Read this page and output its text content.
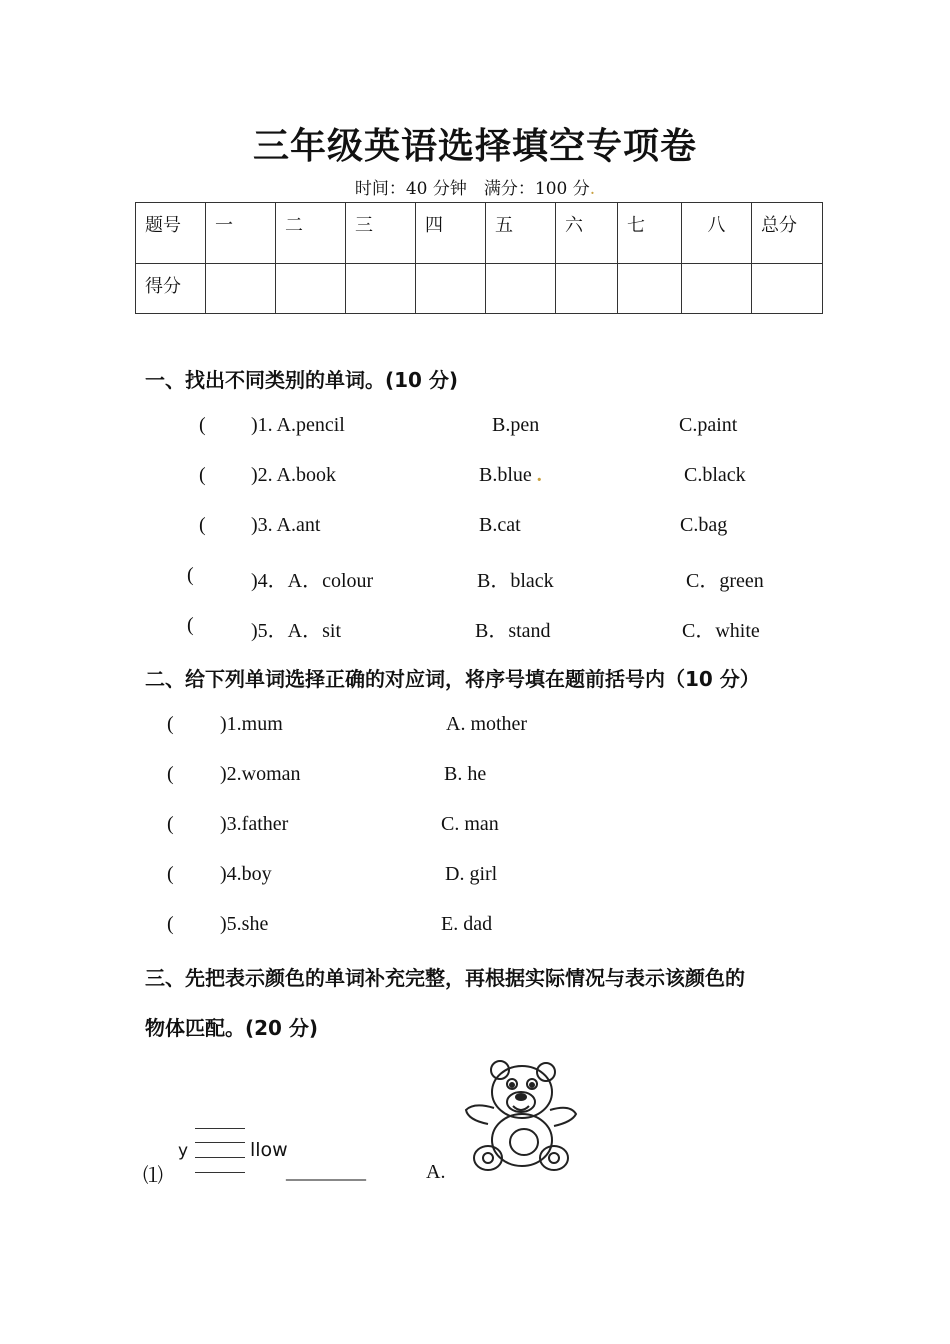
三年级英语选择填空专项卷
时间：40 分钟　满分：100 分.
题号	一	二	三	四	五	六	七	八	总分
得分									
一、找出不同类别的单词。(10 分)
( )1. A.pencil	B.pen	C.paint
( )2. A.book	B.blue .	C.black
( )3. A.ant	B.cat	C.bag
(	)4．A．colour	B．black	C．green
(	)5．A．sit	B．stand	C．white
二、给下列单词选择正确的对应词，将序号填在题前括号内（10 分）
( )1.mum	A. mother
( )2.woman	B. he
( )3.father	C. man
( )4.boy	D. girl
( )5.she	E. dad
三、先把表示颜色的单词补充完整，再根据实际情况与表示该颜色的
物体匹配。(20 分)
⑴
y	llow
________	A.
